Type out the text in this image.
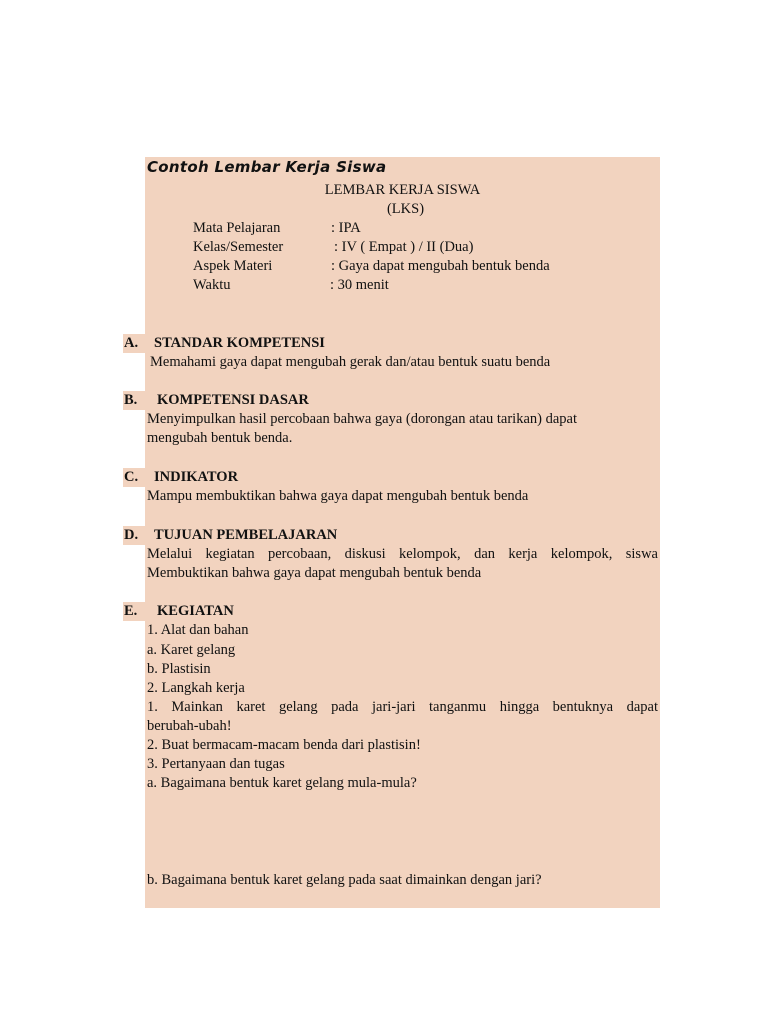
Contoh Lembar Kerja Siswa
LEMBAR KERJA SISWA
(LKS)
Mata Pelajaran	: IPA
Kelas/Semester	: IV ( Empat ) / II (Dua)
Aspek Materi	: Gaya dapat mengubah bentuk benda
Waktu	: 30 menit
A. STANDAR KOMPETENSI
Memahami gaya dapat mengubah gerak dan/atau bentuk suatu benda
B. KOMPETENSI DASAR
Menyimpulkan hasil percobaan bahwa gaya (dorongan atau tarikan) dapat
mengubah bentuk benda.
C. INDIKATOR
Mampu membuktikan bahwa gaya dapat mengubah bentuk benda
D. TUJUAN PEMBELAJARAN
Melalui kegiatan percobaan, diskusi kelompok, dan kerja kelompok, siswa
Membuktikan bahwa gaya dapat mengubah bentuk benda
E. KEGIATAN
1. Alat dan bahan
a. Karet gelang
b. Plastisin
2. Langkah kerja
1. Mainkan karet gelang pada jari-jari tanganmu hingga bentuknya dapat
berubah-ubah!
2. Buat bermacam-macam benda dari plastisin!
3. Pertanyaan dan tugas
a. Bagaimana bentuk karet gelang mula-mula?
b. Bagaimana bentuk karet gelang pada saat dimainkan dengan jari?
